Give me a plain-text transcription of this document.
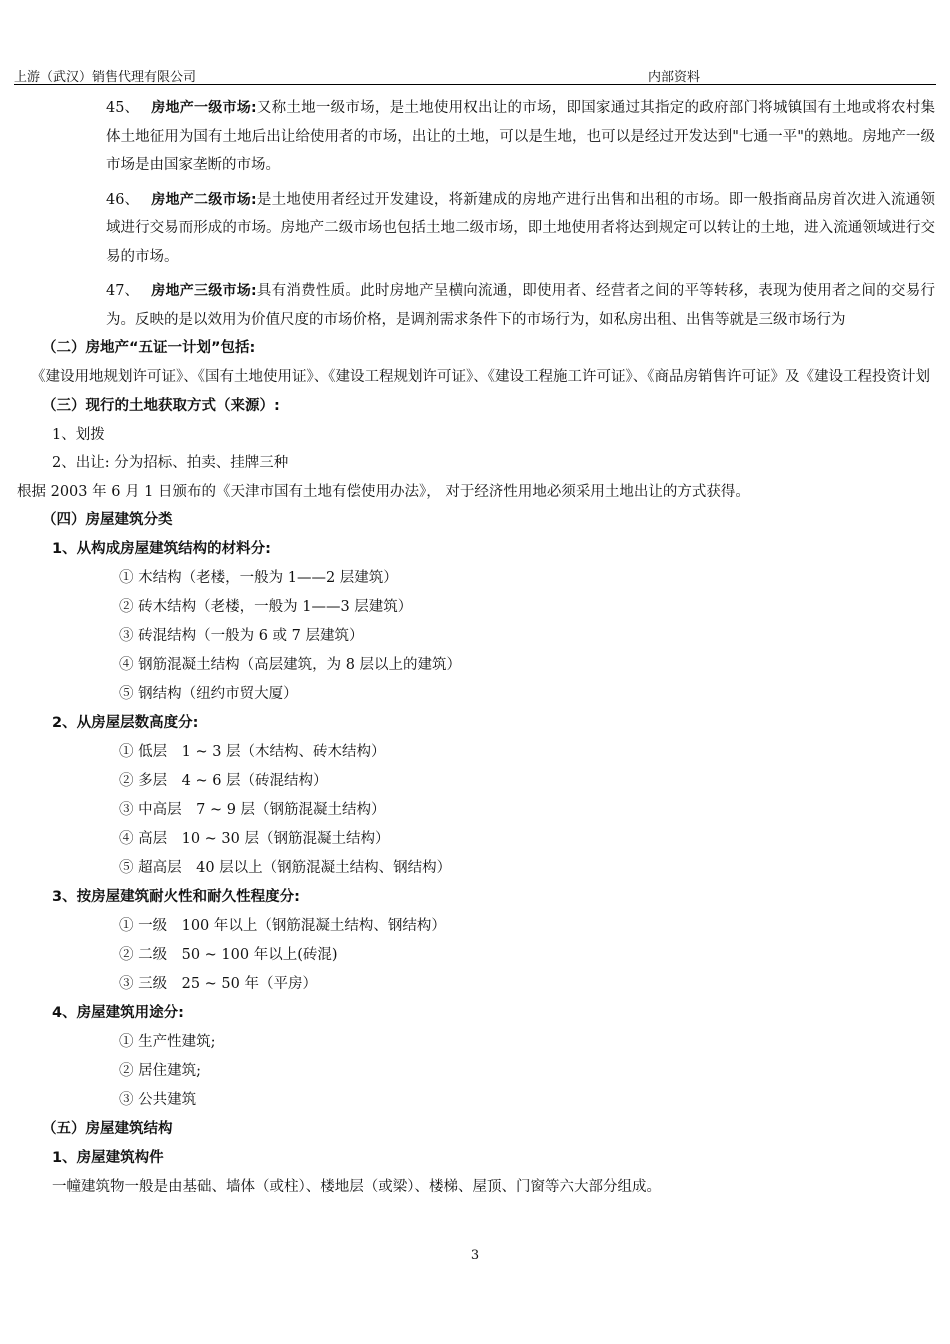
上游（武汉）销售代理有限公司	内部资料

45、 房地产一级市场:又称土地一级市场，是土地使用权出让的市场，即国家通过其指定的政府部门将城镇国有土地或将农村集体土地征用为国有土地后出让给使用者的市场，出让的土地，可以是生地，也可以是经过开发达到"七通一平"的熟地。房地产一级市场是由国家垄断的市场。

46、 房地产二级市场:是土地使用者经过开发建设，将新建成的房地产进行出售和出租的市场。即一般指商品房首次进入流通领域进行交易而形成的市场。房地产二级市场也包括土地二级市场，即土地使用者将达到规定可以转让的土地，进入流通领域进行交易的市场。

47、 房地产三级市场:具有消费性质。此时房地产呈横向流通，即使用者、经营者之间的平等转移，表现为使用者之间的交易行为。反映的是以效用为价值尺度的市场价格，是调剂需求条件下的市场行为，如私房出租、出售等就是三级市场行为

（二）房地产“五证一计划”包括:

《建设用地规划许可证》、《国有土地使用证》、《建设工程规划许可证》、《建设工程施工许可证》、《商品房销售许可证》及《建设工程投资计划

（三）现行的土地获取方式（来源）:

1、划拨

2、出让: 分为招标、拍卖、挂牌三种

根据 2003 年 6 月 1 日颁布的《天津市国有土地有偿使用办法》， 对于经济性用地必须采用土地出让的方式获得。

（四）房屋建筑分类
1、从构成房屋建筑结构的材料分:

① 木结构（老楼，一般为 1——2 层建筑）

② 砖木结构（老楼，一般为 1——3 层建筑）

③ 砖混结构（一般为 6 或 7 层建筑）

④ 钢筋混凝土结构（高层建筑，为 8 层以上的建筑）

⑤ 钢结构（纽约市贸大厦）

2、从房屋层数高度分:

① 低层　1 ~ 3 层（木结构、砖木结构）

② 多层　4 ~ 6 层（砖混结构）

③ 中高层　7 ~ 9 层（钢筋混凝土结构）

④ 高层　10 ~ 30 层（钢筋混凝土结构）

⑤ 超高层　40 层以上（钢筋混凝土结构、钢结构）

3、按房屋建筑耐火性和耐久性程度分:

① 一级　100 年以上（钢筋混凝土结构、钢结构）

② 二级　50 ~ 100 年以上(砖混)

③ 三级　25 ~ 50 年（平房）

4、房屋建筑用途分:

① 生产性建筑;

② 居住建筑;

③ 公共建筑

（五）房屋建筑结构
1、房屋建筑构件

一幢建筑物一般是由基础、墙体（或柱）、楼地层（或梁）、楼梯、屋顶、门窗等六大部分组成。

3
